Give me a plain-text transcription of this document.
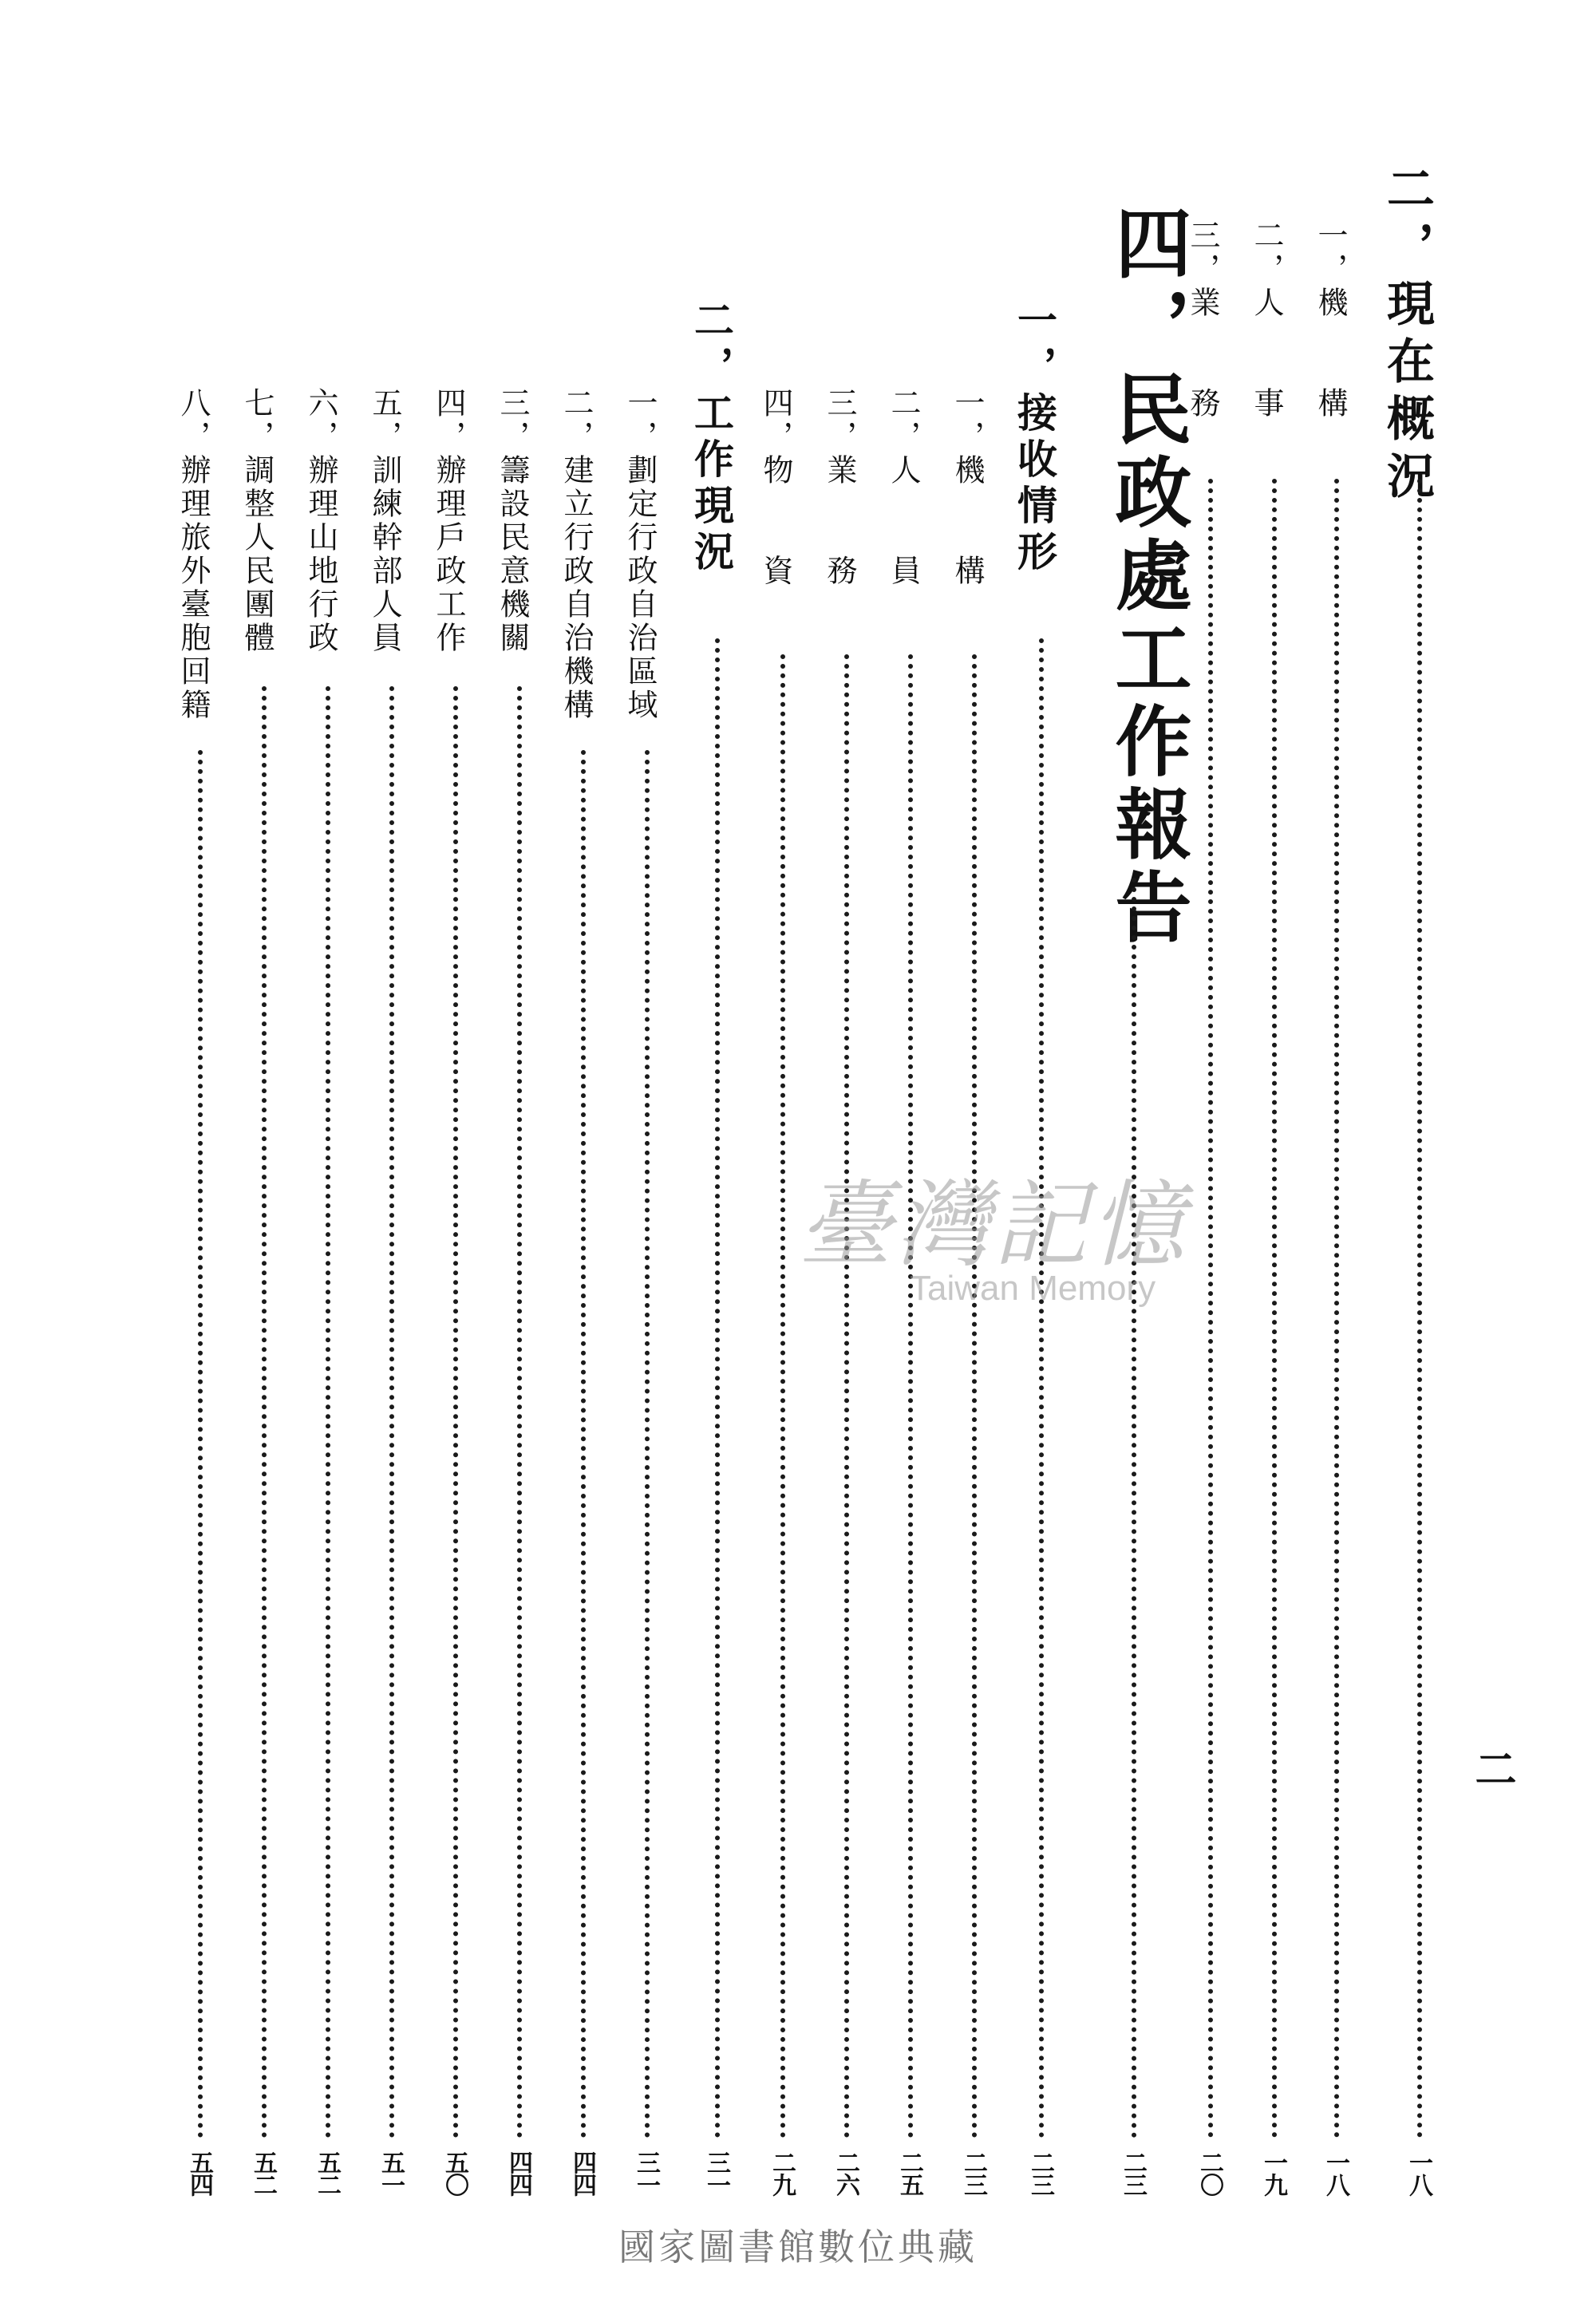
二，現在概況
一八
一，機　　構
一八
二，人　　事
一九
三，業　　務
二〇
四，民政處工作報告
二三
一，接收情形
二三
一，機　　構
二三
二，人　　員
二五
三，業　　務
二六
四，物　　資
二九
二，工作現況
三一
一，劃定行政自治區域
三一
二，建立行政自治機構
四四
三，籌設民意機關
四四
四，辦理戶政工作
五〇
五，訓練幹部人員
五一
六，辦理山地行政
五二
七，調整人民團體
五二
八，辦理旅外臺胞回籍
五四
臺灣記憶
Taiwan Memory
二
國家圖書館數位典藏
